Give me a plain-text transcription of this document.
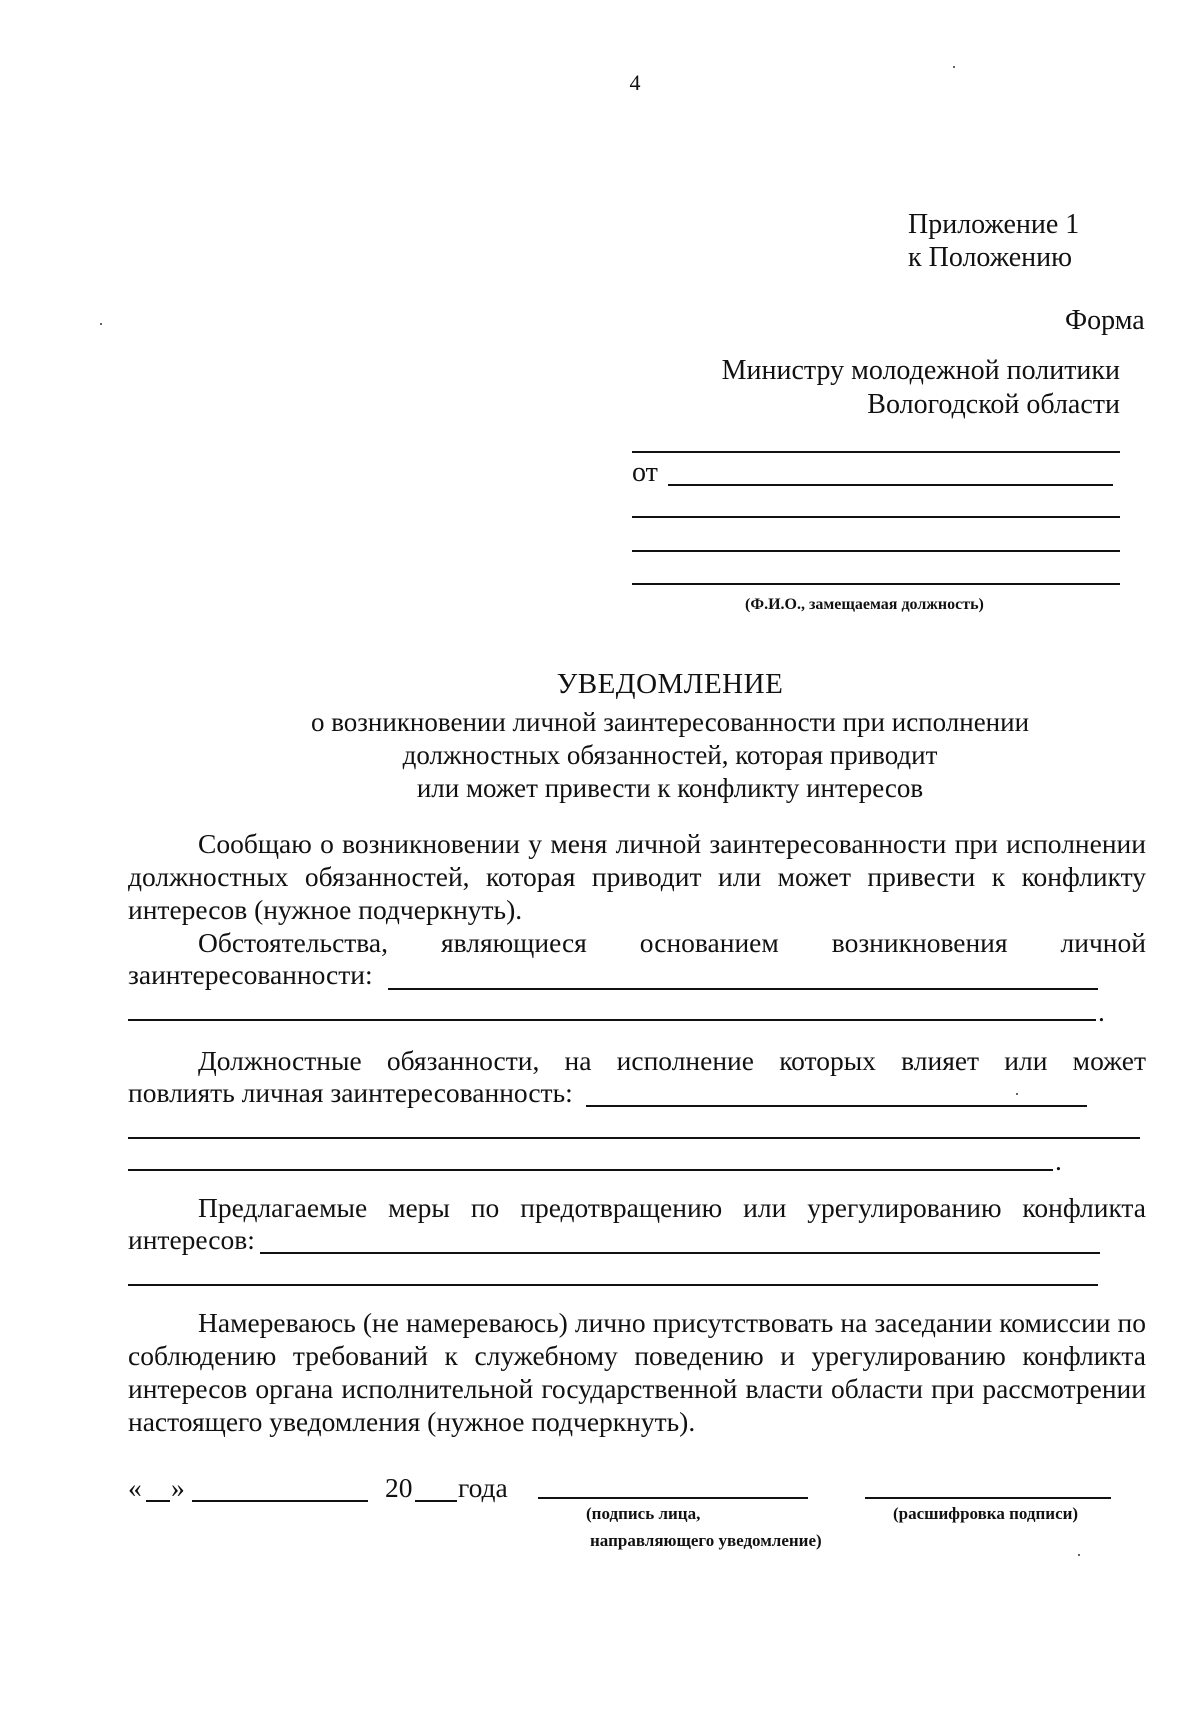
4
Приложение 1
к Положению
Форма
Министру молодежной политики
Вологодской области
от
(Ф.И.О., замещаемая должность)
УВЕДОМЛЕНИЕ
о возникновении личной заинтересованности при исполнении
должностных обязанностей, которая приводит
или может привести к конфликту интересов
Сообщаю о возникновении у меня личной заинтересованности при исполнении должностных обязанностей, которая приводит или может привести к конфликту интересов (нужное подчеркнуть).
Обстоятельства, являющиеся основанием возникновения личной
заинтересованности:
.
Должностные обязанности, на исполнение которых влияет или может
повлиять личная заинтересованность:
.
Предлагаемые меры по предотвращению или урегулированию конфликта
интересов:
Намереваюсь (не намереваюсь) лично присутствовать на заседании комиссии по соблюдению требований к служебному поведению и урегулированию конфликта интересов органа исполнительной государственной власти области при рассмотрении настоящего уведомления (нужное подчеркнуть).
« »	20 года
(подпись лица,
направляющего уведомление)
(расшифровка подписи)
